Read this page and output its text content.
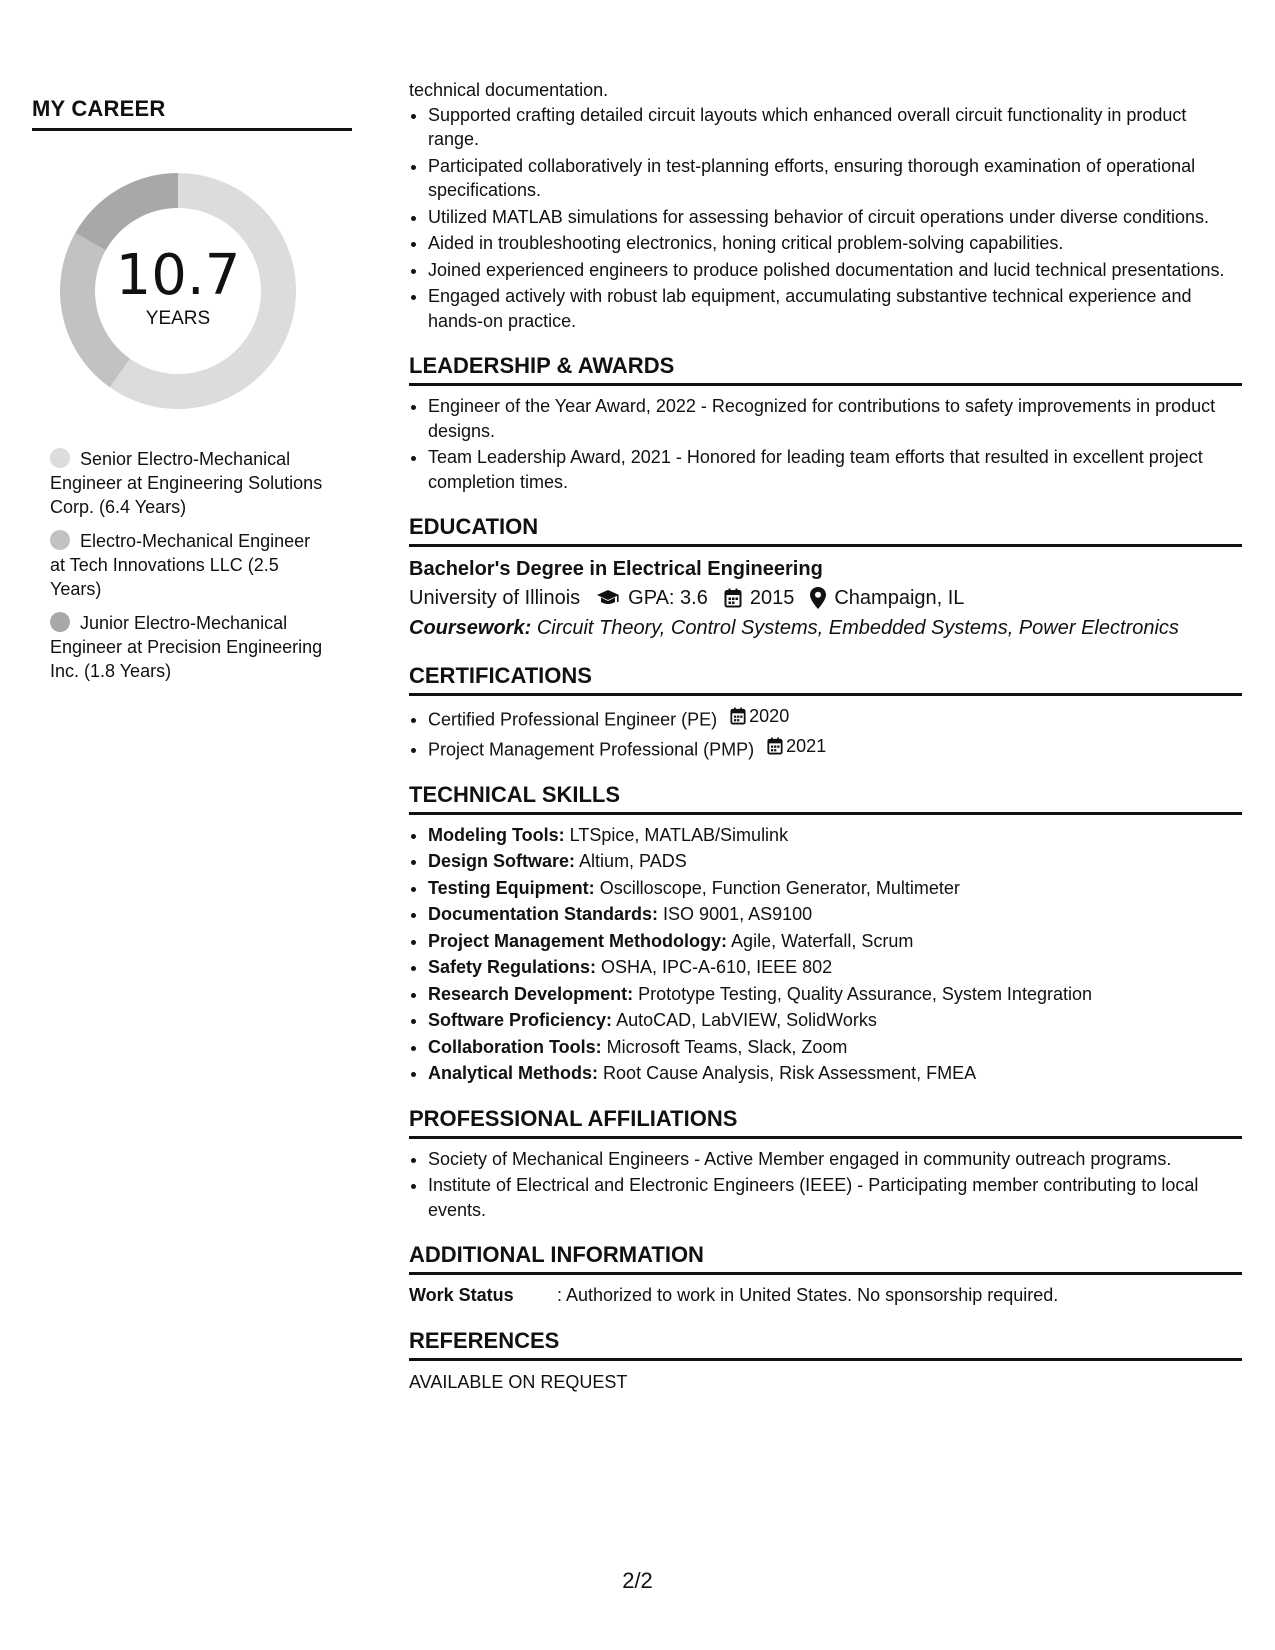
MY CAREER
10.7
YEARS
Senior Electro-Mechanical Engineer at Engineering Solutions Corp. (6.4 Years)
Electro-Mechanical Engineer at Tech Innovations LLC (2.5 Years)
Junior Electro-Mechanical Engineer at Precision Engineering Inc. (1.8 Years)
technical documentation.
• Supported crafting detailed circuit layouts which enhanced overall circuit functionality in product range.
• Participated collaboratively in test-planning efforts, ensuring thorough examination of operational specifications.
• Utilized MATLAB simulations for assessing behavior of circuit operations under diverse conditions.
• Aided in troubleshooting electronics, honing critical problem-solving capabilities.
• Joined experienced engineers to produce polished documentation and lucid technical presentations.
• Engaged actively with robust lab equipment, accumulating substantive technical experience and hands-on practice.
LEADERSHIP & AWARDS
• Engineer of the Year Award, 2022 - Recognized for contributions to safety improvements in product designs.
• Team Leadership Award, 2021 - Honored for leading team efforts that resulted in excellent project completion times.
EDUCATION
Bachelor's Degree in Electrical Engineering
University of Illinois GPA: 3.6 2015 Champaign, IL
Coursework: Circuit Theory, Control Systems, Embedded Systems, Power Electronics
CERTIFICATIONS
• Certified Professional Engineer (PE) 2020
• Project Management Professional (PMP) 2021
TECHNICAL SKILLS
• Modeling Tools: LTSpice, MATLAB/Simulink
• Design Software: Altium, PADS
• Testing Equipment: Oscilloscope, Function Generator, Multimeter
• Documentation Standards: ISO 9001, AS9100
• Project Management Methodology: Agile, Waterfall, Scrum
• Safety Regulations: OSHA, IPC-A-610, IEEE 802
• Research Development: Prototype Testing, Quality Assurance, System Integration
• Software Proficiency: AutoCAD, LabVIEW, SolidWorks
• Collaboration Tools: Microsoft Teams, Slack, Zoom
• Analytical Methods: Root Cause Analysis, Risk Assessment, FMEA
PROFESSIONAL AFFILIATIONS
• Society of Mechanical Engineers - Active Member engaged in community outreach programs.
• Institute of Electrical and Electronic Engineers (IEEE) - Participating member contributing to local events.
ADDITIONAL INFORMATION
Work Status	: Authorized to work in United States. No sponsorship required.
REFERENCES
AVAILABLE ON REQUEST
2/2
